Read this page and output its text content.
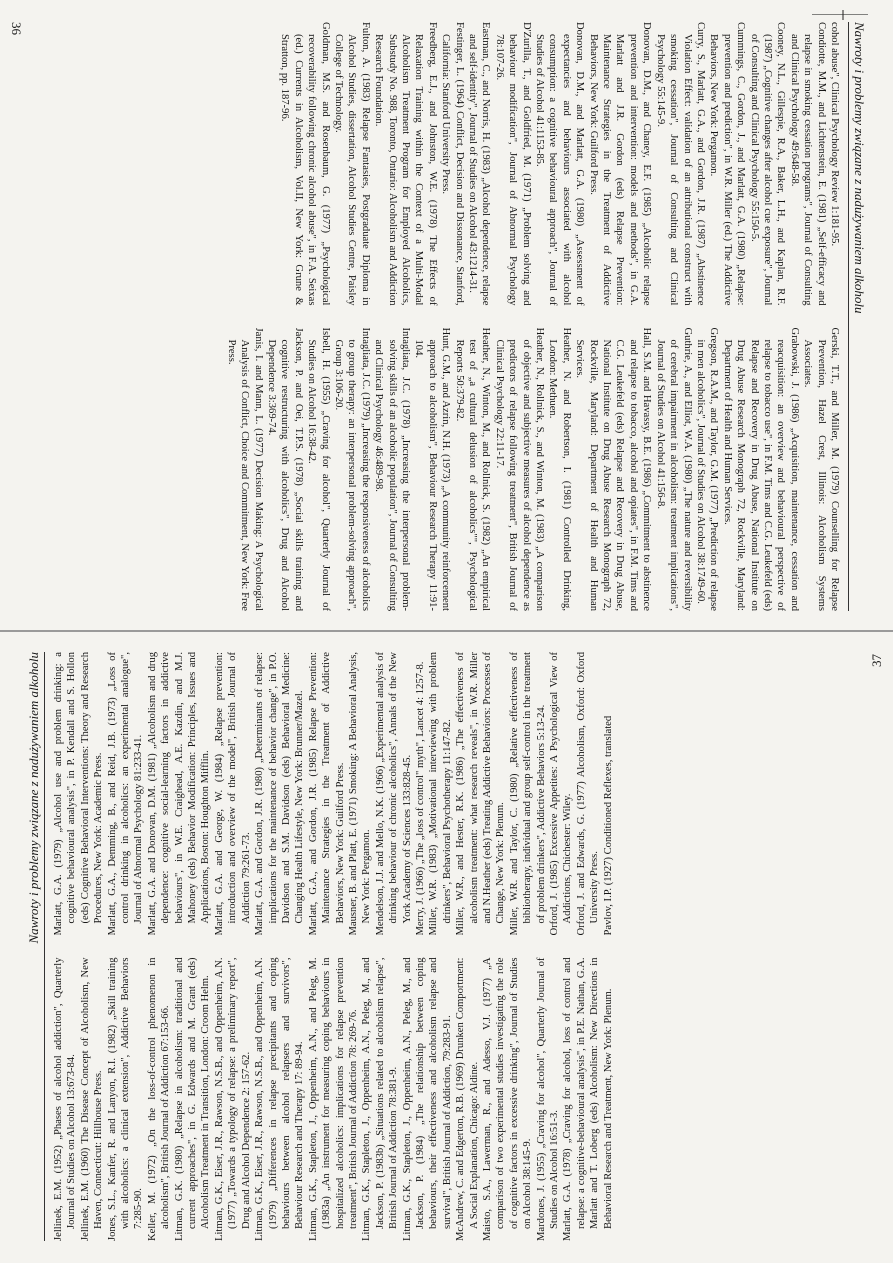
Nawroty i problemy związane z nadużywaniem alkoholu

cohol abuse", Clinical Psychology Review 1:181-95.

Condiotte, M.M., and Lichtenstein, E. (1981) „Self-efficacy and relapse in smoking cessation programs", Journal of Consulting and Clinical Psychology 49:648-58.

Cooney, N.L., Gillespie, R.A., Baker, L.H., and Kaplan, R.F. (1987) „Cognitive changes after alcohol cue exposure", Journal of Consulting and Clinical Psychology 55:150-5.

Cummings, C., Gordon, J., and Marlatt, G.A. (1980) „Relapse: prevention and prediction", in W.R. Miller (ed.) The Addictive Behaviors, New York: Pergamon.

Curry, S., Marlatt, G.A., and Gordon, J.R. (1987) „Abstinence Violation Effect: validation of an attributional construct with smoking cessation", Journal of Consulting and Clinical Psychology 55:145-9.

Donovan, D.M., and Chaney, E.F. (1985) „Alcoholic relapse prevention and intervention: models and methods", in G.A. Marlatt and J.R. Gordon (eds) Relapse Prevention: Maintenance Strategies in the Treatment of Addictive Behaviors, New York: Guilford Press.

Donovan, D.M., and Marlatt, G.A. (1980) „Assessment of expectancies and behaviours associated with alcohol consumption: a cognitive behavioural approach", Journal of Studies of Alcohol 41:1153-85.

D'Zurilla, T., and Goldfried, M. (1971) „Problem solving and behaviour modification", Journal of Abnormal Psychology 78:107-26.

Eastman, C., and Norris, H. (1983) „Alcohol dependence, relapse and self-identity", Journal of Studies on Alcohol 43:1214-31.

Festinger, L. (1964) Conflict, Decision and Dissonance, Stanford, California: Stanford University Press.

Freedberg, E.J., and Johnston, W.E. (1978) The Effects of Relaxation Training within the Context of a Multi-Modal Alcoholism Treatment Program for Employed Alcoholics, Substudy No. 988, Toronto, Ontario: Alcoholism and Addiction Research Foundation.

Fulton, A. (1983) Relapse Fantasies, Postgraduate Diploma in Alcohol Studies, dissertation, Alcohol Studies Centre, Paisley College of Technology.

Goldman, M.S. and Rosenbaum, G. (1977) „Psychological recoverability following chronic alcohol abuse", in F.A. Seixas (ed.) Currents in Alcoholism, Vol.II, New York: Grune & Stratton, pp. 187-96.

Gerski, T.T., and Miller, M. (1979) Counselling for Relapse Prevention, Hazel Crest, Illinois: Alcoholism Systems Associates.

Grabowski, J. (1986) „Acquisition, maintenance, cessation and reacquisition: an overview and behavioural perspective of relapse to tobacco use", in F.M. Tims and C.G. Leukefeld (eds) Relapse and Recovery in Drug Abuse, National Institute on Drug Abuse Research Monograph 72, Rockville, Maryland: Department of Health and Human Services.

Gregson, R.A.M., and Taylor, G.M. (1977) „Prediction of relapse in men alcoholics", Journal of Studies on Alcohol 38:1749-60.

Guthrie, A., and Elliot, W.A. (1980) „The nature and reversibility of cerebral impairment in alcoholism: treatment implications", Journal of Studies on Alcohol 41:156-8.

Hall, S.M. and Havassy, B.E. (1986) „Commitment to abstinence and relapse to tobacco, alcohol and opiates", in F.M. Tims and C.G. Leukefeld (eds) Relapse and Recovery in Drug Abuse, National Institute on Drug Abuse Research Monograph 72, Rockville, Maryland: Department of Health and Human Services.

Heather, N. and Robertson, I. (1981) Controlled Drinking, London: Methuen.

Heather, N., Rollnick, S., and Winton, M. (1983) „A comparison of objective and subjective measures of alcohol dependence as predictors of relapse following treatment", British Journal of Clinical Psychology 22:11-17.

Heather, N., Winton, M., and Rollnick, S. (1982) „An empirical test of „a cultural delusion of alcoholics"", Psychological Reports 50:379-82.

Hunt, G.M., and Azrin, N.H. (1973) „A community reinforcement approach to alcoholism", Behaviour Research Therapy 11:91-104.

Intagliata, J.C. (1978) „Increasing the interpersonal problem-solving skills of an alcoholic population", Journal of Consulting and Clinical Psychology 46:489-98.

Intagliata, J.C. (1979) „Increasing the responsiveness of alcoholics to group therapy: an interpersonal problem-solving approach", Group 3:106-20.

Isbell, H. (1955) „Craving for alcohol", Quarterly Journal of Studies on Alcohol 16:38-42.

Jackson, P. and Oei, T.P.S. (1978) „Social skills training and cognitive restructuring with alcoholics", Drug and Alcohol Dependence 3:369-74.

Janis, I. and Mann, L. (1977) Decision Making: A Psychological Analysis of Conflict, Choice and Commitment, New York: Free Press.

36
Nawroty i problemy związane z nadużywaniem alkoholu

Jellinek, E.M. (1952) „Phases of alcohol addiction", Quarterly Journal of Studies on Alcohol 13:673-84. Jellinek, E.M. (1960) The Disease Concept of Alcoholism, New Haven, Connecticut: Hillhouse Press. Jones, S.L., Kanfer, R. and Lanyon, R.I. (1982) „Skill training with alcoholics: a clinical extension", Addictive Behaviors 7:285-90. Keller, M. (1972) „On the loss-of-control phenomenon in alcoholism", British Journal of Addiction 67:153-66. Litman, G.K. (1980) „Relapse in alcoholism: traditional and current approaches", in G. Edwards and M. Grant (eds) Alcoholism Treatment in Transition, London: Croom Helm. Litman, G.K., Eiser, J.R., Rawson, N.S.B., and Oppenheim, A.N. (1977) „Towards a typology of relapse: a preliminary report", Drug and Alcohol Dependence 2: 157-62. Litman, G.K., Eiser, J.R., Rawson, N.S.B., and Oppenheim, A.N. (1979) „Differences in relapse precipitants and coping behaviours between alcohol relapsers and survivors", Behaviour Research and Therapy 17: 89-94. Litman, G.K., Stapleton, J., Oppenheim, A.N., and Peleg, M. (1983a) „An instrument for measuring coping behaviours in hospitalized alcoholics: implications for relapse prevention treatment", British Journal of Addiction 78: 269-76. Litman, G.K., Stapleton, J., Oppenheim, A.N., Peleg, M., and Jackson, P. (1983b) „Situations related to alcoholism relapse", British Journal of Addiction 78:381-9. Litman, G.K., Stapleton, J., Oppenheim, A.N., Peleg, M., and Jackson, P. (1984) „The relationship between coping behaviours, their effectiveness and alcoholism relapse and survival", British Journal of Addiction, 79:283-91. McAndrew, C. and Edgerton, R.B. (1969) Drunken Comportment: A Social Explanation, Chicago: Aldine. Maisto, S.A., Lawerman, R., and Adesso, V.J. (1977) „A comparison of two experimental studies investigating the role of cognitive factors in excessive drinking", Journal of Studies on Alcohol 38:145-9. Mardones, J. (1955) „Craving for alcohol", Quarterly Journal of Studies on Alcohol 16:51-3. Marlatt, G.A. (1978) „Craving for alcohol, loss of control and relapse: a cognitive-behavioural analysis", in P.E. Nathan, G.A. Marlatt and T. Loberg (eds) Alcoholism: New Directions in Behavioral Research and Treatment, New York: Plenum.

Marlatt, G.A. (1979) „Alcohol use and problem drinking: a cognitive behavioural analysis", in P. Kendall and S. Hollon (eds) Cognitive Behavioral Interventions: Theory and Research Procedures, New York: Academic Press. Marlatt, G.A., Demming, B., and Reid, J.B. (1973) „Loss of control drinking in alcoholics: an experimental analogue", Journal of Abnormal Psychology 81:233-41. Marlatt, G.A. and Donovan, D.M. (1981) „Alcoholism and drug dependence: cognitive social-learning factors in addictive behaviours", in W.E. Craighead, A.E. Kazdin, and M.J. Mahoney (eds) Behavior Modification: Principles, Issues and Applications, Boston: Houghton Mifflin. Marlatt, G.A. and George, W. (1984) „Relapse prevention: introduction and overview of the model", British Journal of Addiction 79:261-73. Marlatt, G.A. and Gordon, J.R. (1980) „Determinants of relapse: implications for the maintenance of behavior change", in P.O. Davidson and S.M. Davidson (eds) Behavioral Medicine: Changing Health Lifestyle, New York: Brunner/Mazel. Marlatt, G.A., and Gordon, J.R. (1985) Relapse Prevention: Maintenance Strategies in the Treatment of Addictive Behaviors, New York: Guilford Press. Mausner, B. and Platt, E. (1971) Smoking: A Behavioral Analysis, New York: Pergamon. Mendelson, J.J. and Mello, N.K. (1966) „Experimental analysis of drinking behaviour of chronic alcoholics", Annals of the New York Academy of Sciences 133:828-45. Merry, J. (1966) „The „loss of control" myth", Lancet 4: 1257-8. Miller, W.R. (1983) „Motivational interviewing with problem drinkers", Behavioral Psychotherapy 11:147-82. Miller, W.R., and Hester, R.K. (1986) „The effectiveness of alcoholism treatment: what research reveals", in W.R. Miller and N.Heather (eds) Treating Addictive Behaviors: Processes of Change, New York: Plenum. Miller, W.R. and Taylor, C. (1980) „Relative effectiveness of bibliotherapy, individual and group self-control in the treatment of problem drinkers", Addictive Behaviors 5:13-24. Orford, J. (1985) Excessive Appetites: A Psychological View of Addictions, Chichester: Wiley. Orford, J. and Edwards, G. (1977) Alcoholism, Oxford: Oxford University Press. Pavlov, I.P. (1927) Conditioned Reflexes, translated

37
